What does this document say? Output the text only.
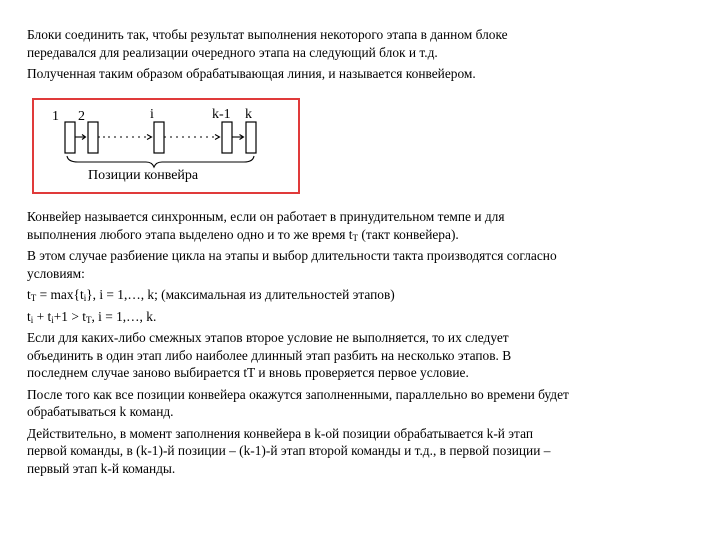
Блоки соединить так, чтобы результат выполнения некоторого этапа в данном блоке
передавался для реализации очередного этапа на следующий блок и т.д.
Полученная таким образом обрабатывающая линия, и называется конвейером.

1 2	i	k-1 k
Позиции конвейра

Конвейер называется синхронным, если он работает в принудительном темпе и для
выполнения любого этапа выделено одно и то же время $t_T$ (такт конвейера).
В этом случае разбиение цикла на этапы и выбор длительности такта производятся согласно
условиям:
$t_T = \max\{t_i\}$, i = 1,…, k; (максимальная из длительностей этапов)
$t_i + t_i+1 > t_T$, i = 1,…, k.
Если для каких-либо смежных этапов второе условие не выполняется, то их следует
объединить в один этап либо наиболее длинный этап разбить на несколько этапов. В
последнем случае заново выбирается tT и вновь проверяется первое условие.
После того как все позиции конвейера окажутся заполненными, параллельно во времени будет
обрабатываться k команд.
Действительно, в момент заполнения конвейера в k-ой позиции обрабатывается k-й этап
первой команды, в (k-1)-й позиции – (k-1)-й этап второй команды и т.д., в первой позиции –
первый этап k-й команды.
